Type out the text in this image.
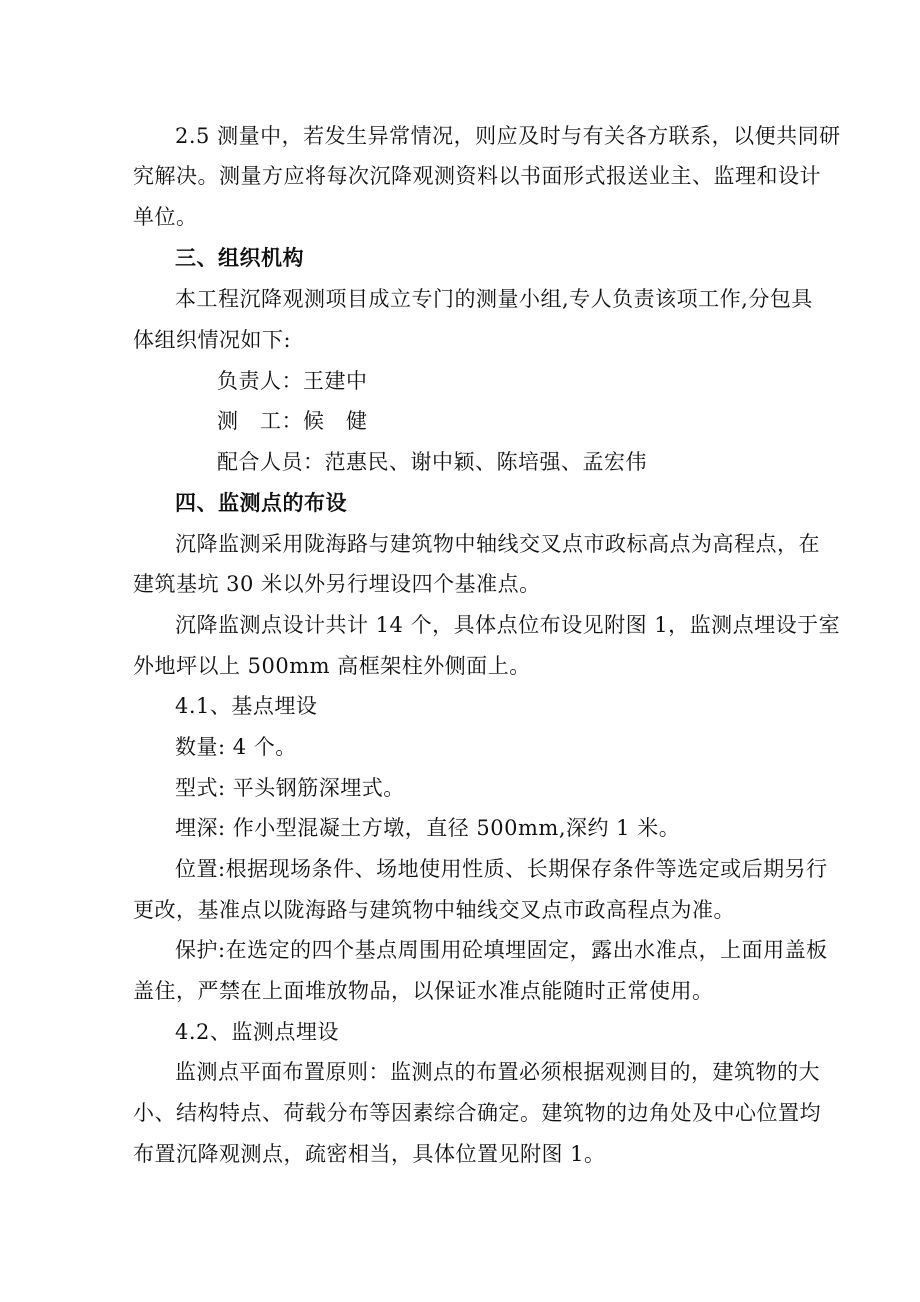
2.5 测量中，若发生异常情况，则应及时与有关各方联系，以便共同研
究解决。测量方应将每次沉降观测资料以书面形式报送业主、监理和设计
单位。
三、组织机构
本工程沉降观测项目成立专门的测量小组,专人负责该项工作,分包具
体组织情况如下:
负责人：王建中
测　工：候　健
配合人员：范惠民、谢中颖、陈培强、孟宏伟
四、监测点的布设
沉降监测采用陇海路与建筑物中轴线交叉点市政标高点为高程点，在
建筑基坑 30 米以外另行埋设四个基准点。
沉降监测点设计共计 14 个，具体点位布设见附图 1，监测点埋设于室
外地坪以上 500mm 高框架柱外侧面上。
4.1、基点埋设
数量: 4 个。
型式: 平头钢筋深埋式。
埋深: 作小型混凝土方墩，直径 500mm,深约 1 米。
位置:根据现场条件、场地使用性质、长期保存条件等选定或后期另行
更改，基准点以陇海路与建筑物中轴线交叉点市政高程点为准。
保护:在选定的四个基点周围用砼填埋固定，露出水准点，上面用盖板
盖住，严禁在上面堆放物品，以保证水准点能随时正常使用。
4.2、监测点埋设
监测点平面布置原则：监测点的布置必须根据观测目的，建筑物的大
小、结构特点、荷载分布等因素综合确定。建筑物的边角处及中心位置均
布置沉降观测点，疏密相当，具体位置见附图 1。
